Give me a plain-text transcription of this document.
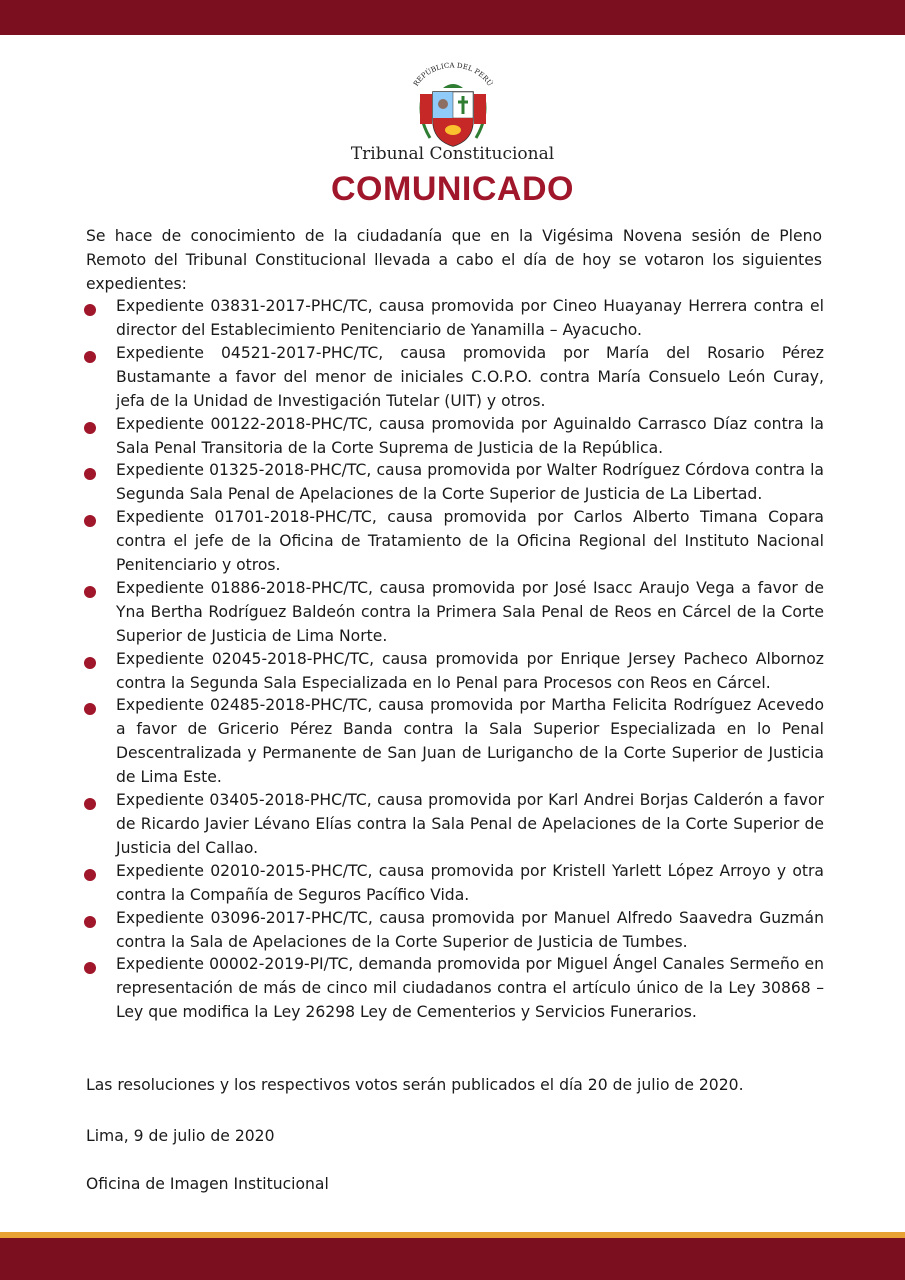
REPÚBLICA DEL PERÚ
Tribunal Constitucional
COMUNICADO
Se hace de conocimiento de la ciudadanía que en la Vigésima Novena sesión de Pleno Remoto del Tribunal Constitucional llevada a cabo el día de hoy se votaron los siguientes expedientes:
Expediente 03831-2017-PHC/TC, causa promovida por Cineo Huayanay Herrera contra el director del Establecimiento Penitenciario de Yanamilla – Ayacucho.
Expediente 04521-2017-PHC/TC, causa promovida por María del Rosario Pérez Bustamante a favor del menor de iniciales C.O.P.O. contra María Consuelo León Curay, jefa de la Unidad de Investigación Tutelar (UIT) y otros.
Expediente 00122-2018-PHC/TC, causa promovida por Aguinaldo Carrasco Díaz contra la Sala Penal Transitoria de la Corte Suprema de Justicia de la República.
Expediente 01325-2018-PHC/TC, causa promovida por Walter Rodríguez Córdova contra la Segunda Sala Penal de Apelaciones de la Corte Superior de Justicia de La Libertad.
Expediente 01701-2018-PHC/TC, causa promovida por Carlos Alberto Timana Copara contra el jefe de la Oficina de Tratamiento de la Oficina Regional del Instituto Nacional Penitenciario y otros.
Expediente 01886-2018-PHC/TC, causa promovida por José Isacc Araujo Vega a favor de Yna Bertha Rodríguez Baldeón contra la Primera Sala Penal de Reos en Cárcel de la Corte Superior de Justicia de Lima Norte.
Expediente 02045-2018-PHC/TC, causa promovida por Enrique Jersey Pacheco Albornoz contra la Segunda Sala Especializada en lo Penal para Procesos con Reos en Cárcel.
Expediente 02485-2018-PHC/TC, causa promovida por Martha Felicita Rodríguez Acevedo a favor de Gricerio Pérez Banda contra la Sala Superior Especializada en lo Penal Descentralizada y Permanente de San Juan de Lurigancho de la Corte Superior de Justicia de Lima Este.
Expediente 03405-2018-PHC/TC, causa promovida por Karl Andrei Borjas Calderón a favor de Ricardo Javier Lévano Elías contra la Sala Penal de Apelaciones de la Corte Superior de Justicia del Callao.
Expediente 02010-2015-PHC/TC, causa promovida por Kristell Yarlett López Arroyo y otra contra la Compañía de Seguros Pacífico Vida.
Expediente 03096-2017-PHC/TC, causa promovida por Manuel Alfredo Saavedra Guzmán contra la Sala de Apelaciones de la Corte Superior de Justicia de Tumbes.
Expediente 00002-2019-PI/TC, demanda promovida por Miguel Ángel Canales Sermeño en representación de más de cinco mil ciudadanos contra el artículo único de la Ley 30868 – Ley que modifica la Ley 26298 Ley de Cementerios y Servicios Funerarios.
Las resoluciones y los respectivos votos serán publicados el día 20 de julio de 2020.
Lima, 9 de julio de 2020
Oficina de Imagen Institucional
